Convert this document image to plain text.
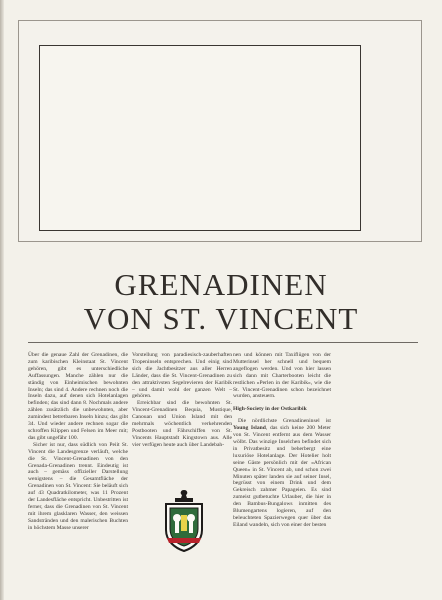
GRENADINEN
VON ST. VINCENT

Über die genaue Zahl der Grenadinen, die zum karibischen Kleinstaat St. Vincent gehören, gibt es unterschiedliche Auffassungen. Manche zählen nur die ständig von Einheimischen bewohnten Inseln; das sind 4. Andere rechnen noch die Inseln dazu, auf denen sich Hotelanlagen befinden; das sind dann 8. Nochmals andere zählen zusätzlich die unbewohnten, aber zumindest betretbaren Inseln hinzu; das gibt 34. Und wieder andere rechnen sogar die schroffen Klippen und Felsen im Meer mit; das gibt ungefähr 100.

Sicher ist nur, dass südlich von Peiit St. Vincent die Landesgrenze verläuft, welche die St. Vincent-Grenadinen von den Grenada-Grenadinen trennt. Eindeutig ist auch – gemäss offizieller Darstellung wenigstens – die Gesamtfläche der Grenadinen von St. Vincent: Sie beläuft sich auf 43 Quadratkilometer, was 11 Prozent der Landesfläche entspricht. Unbestritten ist ferner, dass die Grenadinen von St. Vincent mit ihrem glasklaren Wasser, den weissen Sandstränden und den malerischen Buchten in höchstem Masse unserer

Vorstellung von paradiesisch-zauberhaften Tropeninseln entsprechen. Und einig sind sich die Jachtbesitzer aus aller Herren Länder, dass die St. Vincent-Grenadinen zu den attraktivsten Segelrevieren der Karibik – und damit wohl der ganzen Welt – gehören.

Erreichbar sind die bewohnten St. Vincent-Grenadinen Bequia, Mustique, Canouan und Union Island mit den mehrmals wöchentlich verkehrenden Postbooten und Fährschiffen von St. Vincents Hauptstadt Kingstown aus. Alle vier verfügen heute auch über Landebah-

nen und können mit Taxiflügen von der Mutterinsel her schnell und bequem angeflogen werden. Und von hier lassen sich dann mit Charterbooten leicht die restlichen «Perlen in der Karibik», wie die St. Vincent-Grenadinen schon bezeichnet wurden, ansteuern.

High-Society in der Ostkaribik

Die nördlichste Grenadineninsel ist Young Island, das sich keine 200 Meter von St. Vincent entfernt aus dem Wasser wölbt. Das winzige Inselchen befindet sich in Privatbesitz und beherbergt eine luxuriöse Hotelanlage. Der Hotelier holt seine Gäste persönlich mit der «African Queen» in St. Vincent ab, und schon zwei Minuten später landen sie auf seiner Insel, begrüsst von einem Drink und dem Gekreisch zahmer Papageien. Es sind zumeist gutbetuchte Urlauber, die hier in den Bambus-Bungalows inmitten des Blumengartens logieren, auf den beleuchteten Spazierwegen quer über das Eiland wandeln, sich von einer der besten
